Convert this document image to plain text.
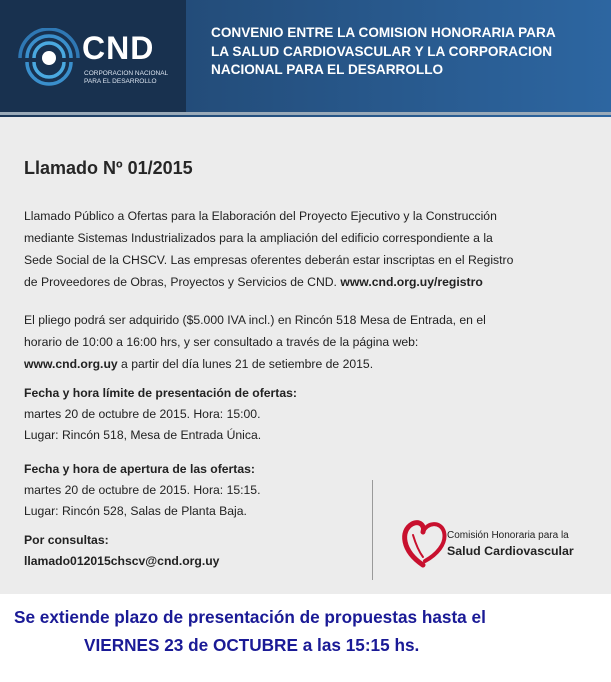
CND
CORPORACION NACIONAL
PARA EL DESARROLLO
CONVENIO ENTRE LA COMISION HONORARIA PARA
LA SALUD CARDIOVASCULAR Y LA CORPORACION
NACIONAL PARA EL DESARROLLO
Llamado Nº 01/2015
Llamado Público a Ofertas para la Elaboración del Proyecto Ejecutivo y la Construcción
mediante Sistemas Industrializados para la ampliación del edificio correspondiente a la
Sede Social de la CHSCV. Las empresas oferentes deberán estar inscriptas en el Registro
de Proveedores de Obras, Proyectos y Servicios de CND. www.cnd.org.uy/registro
El pliego podrá ser adquirido ($5.000 IVA incl.) en Rincón 518 Mesa de Entrada, en el
horario de 10:00 a 16:00 hrs, y ser consultado a través de la página web:
www.cnd.org.uy a partir del día lunes 21 de setiembre de 2015.
Fecha y hora límite de presentación de ofertas:
martes 20 de octubre de 2015. Hora: 15:00.
Lugar: Rincón 518, Mesa de Entrada Única.
Fecha y hora de apertura de las ofertas:
martes 20 de octubre de 2015. Hora: 15:15.
Lugar: Rincón 528, Salas de Planta Baja.
Por consultas:
llamado012015chscv@cnd.org.uy
Comisión Honoraria para la
Salud Cardiovascular
Se extiende plazo de presentación de propuestas hasta el
VIERNES 23 de OCTUBRE a las 15:15 hs.
